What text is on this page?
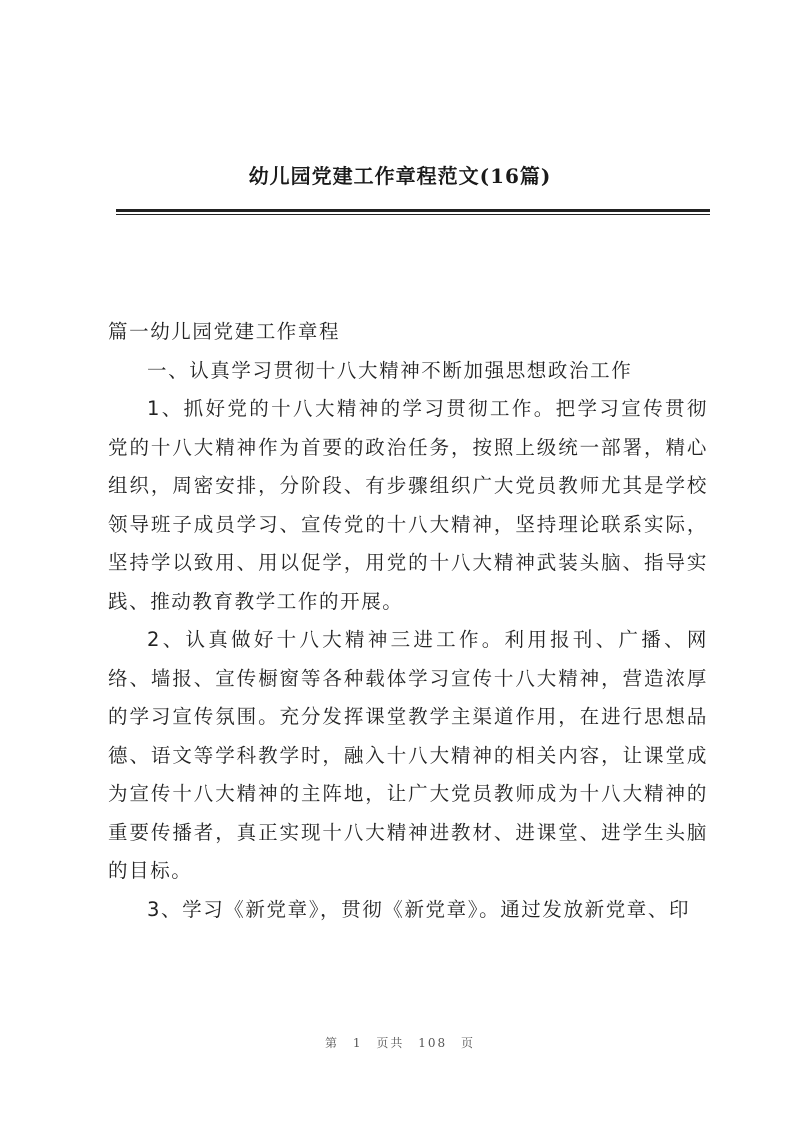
幼儿园党建工作章程范文(16篇)

篇一幼儿园党建工作章程

一、认真学习贯彻十八大精神不断加强思想政治工作

1、抓好党的十八大精神的学习贯彻工作。把学习宣传贯彻党的十八大精神作为首要的政治任务，按照上级统一部署，精心组织，周密安排，分阶段、有步骤组织广大党员教师尤其是学校领导班子成员学习、宣传党的十八大精神，坚持理论联系实际，坚持学以致用、用以促学，用党的十八大精神武装头脑、指导实践、推动教育教学工作的开展。

2、认真做好十八大精神三进工作。利用报刊、广播、网络、墙报、宣传橱窗等各种载体学习宣传十八大精神，营造浓厚的学习宣传氛围。充分发挥课堂教学主渠道作用，在进行思想品德、语文等学科教学时，融入十八大精神的相关内容，让课堂成为宣传十八大精神的主阵地，让广大党员教师成为十八大精神的重要传播者，真正实现十八大精神进教材、进课堂、进学生头脑的目标。

3、学习《新党章》，贯彻《新党章》。通过发放新党章、印

第 1 页共 108 页
